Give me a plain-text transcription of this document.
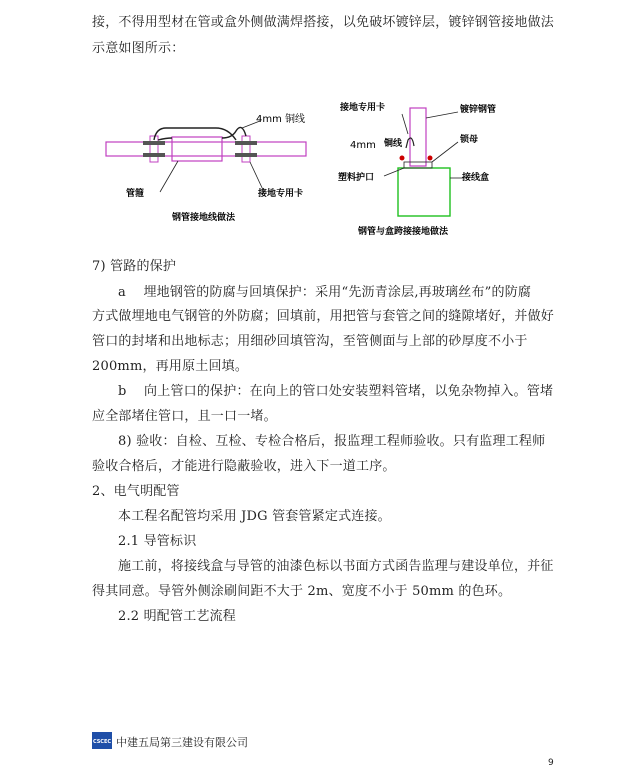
接，不得用型材在管或盒外侧做满焊搭接，以免破坏镀锌层，镀锌钢管接地做法
示意如图所示：
4mm 铜线
管箍	接地专用卡
钢管接地线做法
接地专用卡	镀锌钢管
4mm 铜线	锁母
塑料护口	接线盒
钢管与盒跨接接地做法
7) 管路的保护
a　 埋地钢管的防腐与回填保护：采用“先沥青涂层,再玻璃丝布”的防腐
方式做埋地电气钢管的外防腐；回填前，用把管与套管之间的缝隙堵好，并做好
管口的封堵和出地标志；用细砂回填管沟，至管侧面与上部的砂厚度不小于
200mm，再用原土回填。
b　 向上管口的保护：在向上的管口处安装塑料管堵，以免杂物掉入。管堵
应全部堵住管口，且一口一堵。
8) 验收：自检、互检、专检合格后，报监理工程师验收。只有监理工程师
验收合格后，才能进行隐蔽验收，进入下一道工序。
2、电气明配管
本工程名配管均采用 JDG 管套管紧定式连接。
2.1 导管标识
施工前，将接线盒与导管的油漆色标以书面方式函告监理与建设单位，并征
得其同意。导管外侧涂刷间距不大于 2m、宽度不小于 50mm 的色环。
2.2 明配管工艺流程
CSCEC 中建五局第三建设有限公司
9
